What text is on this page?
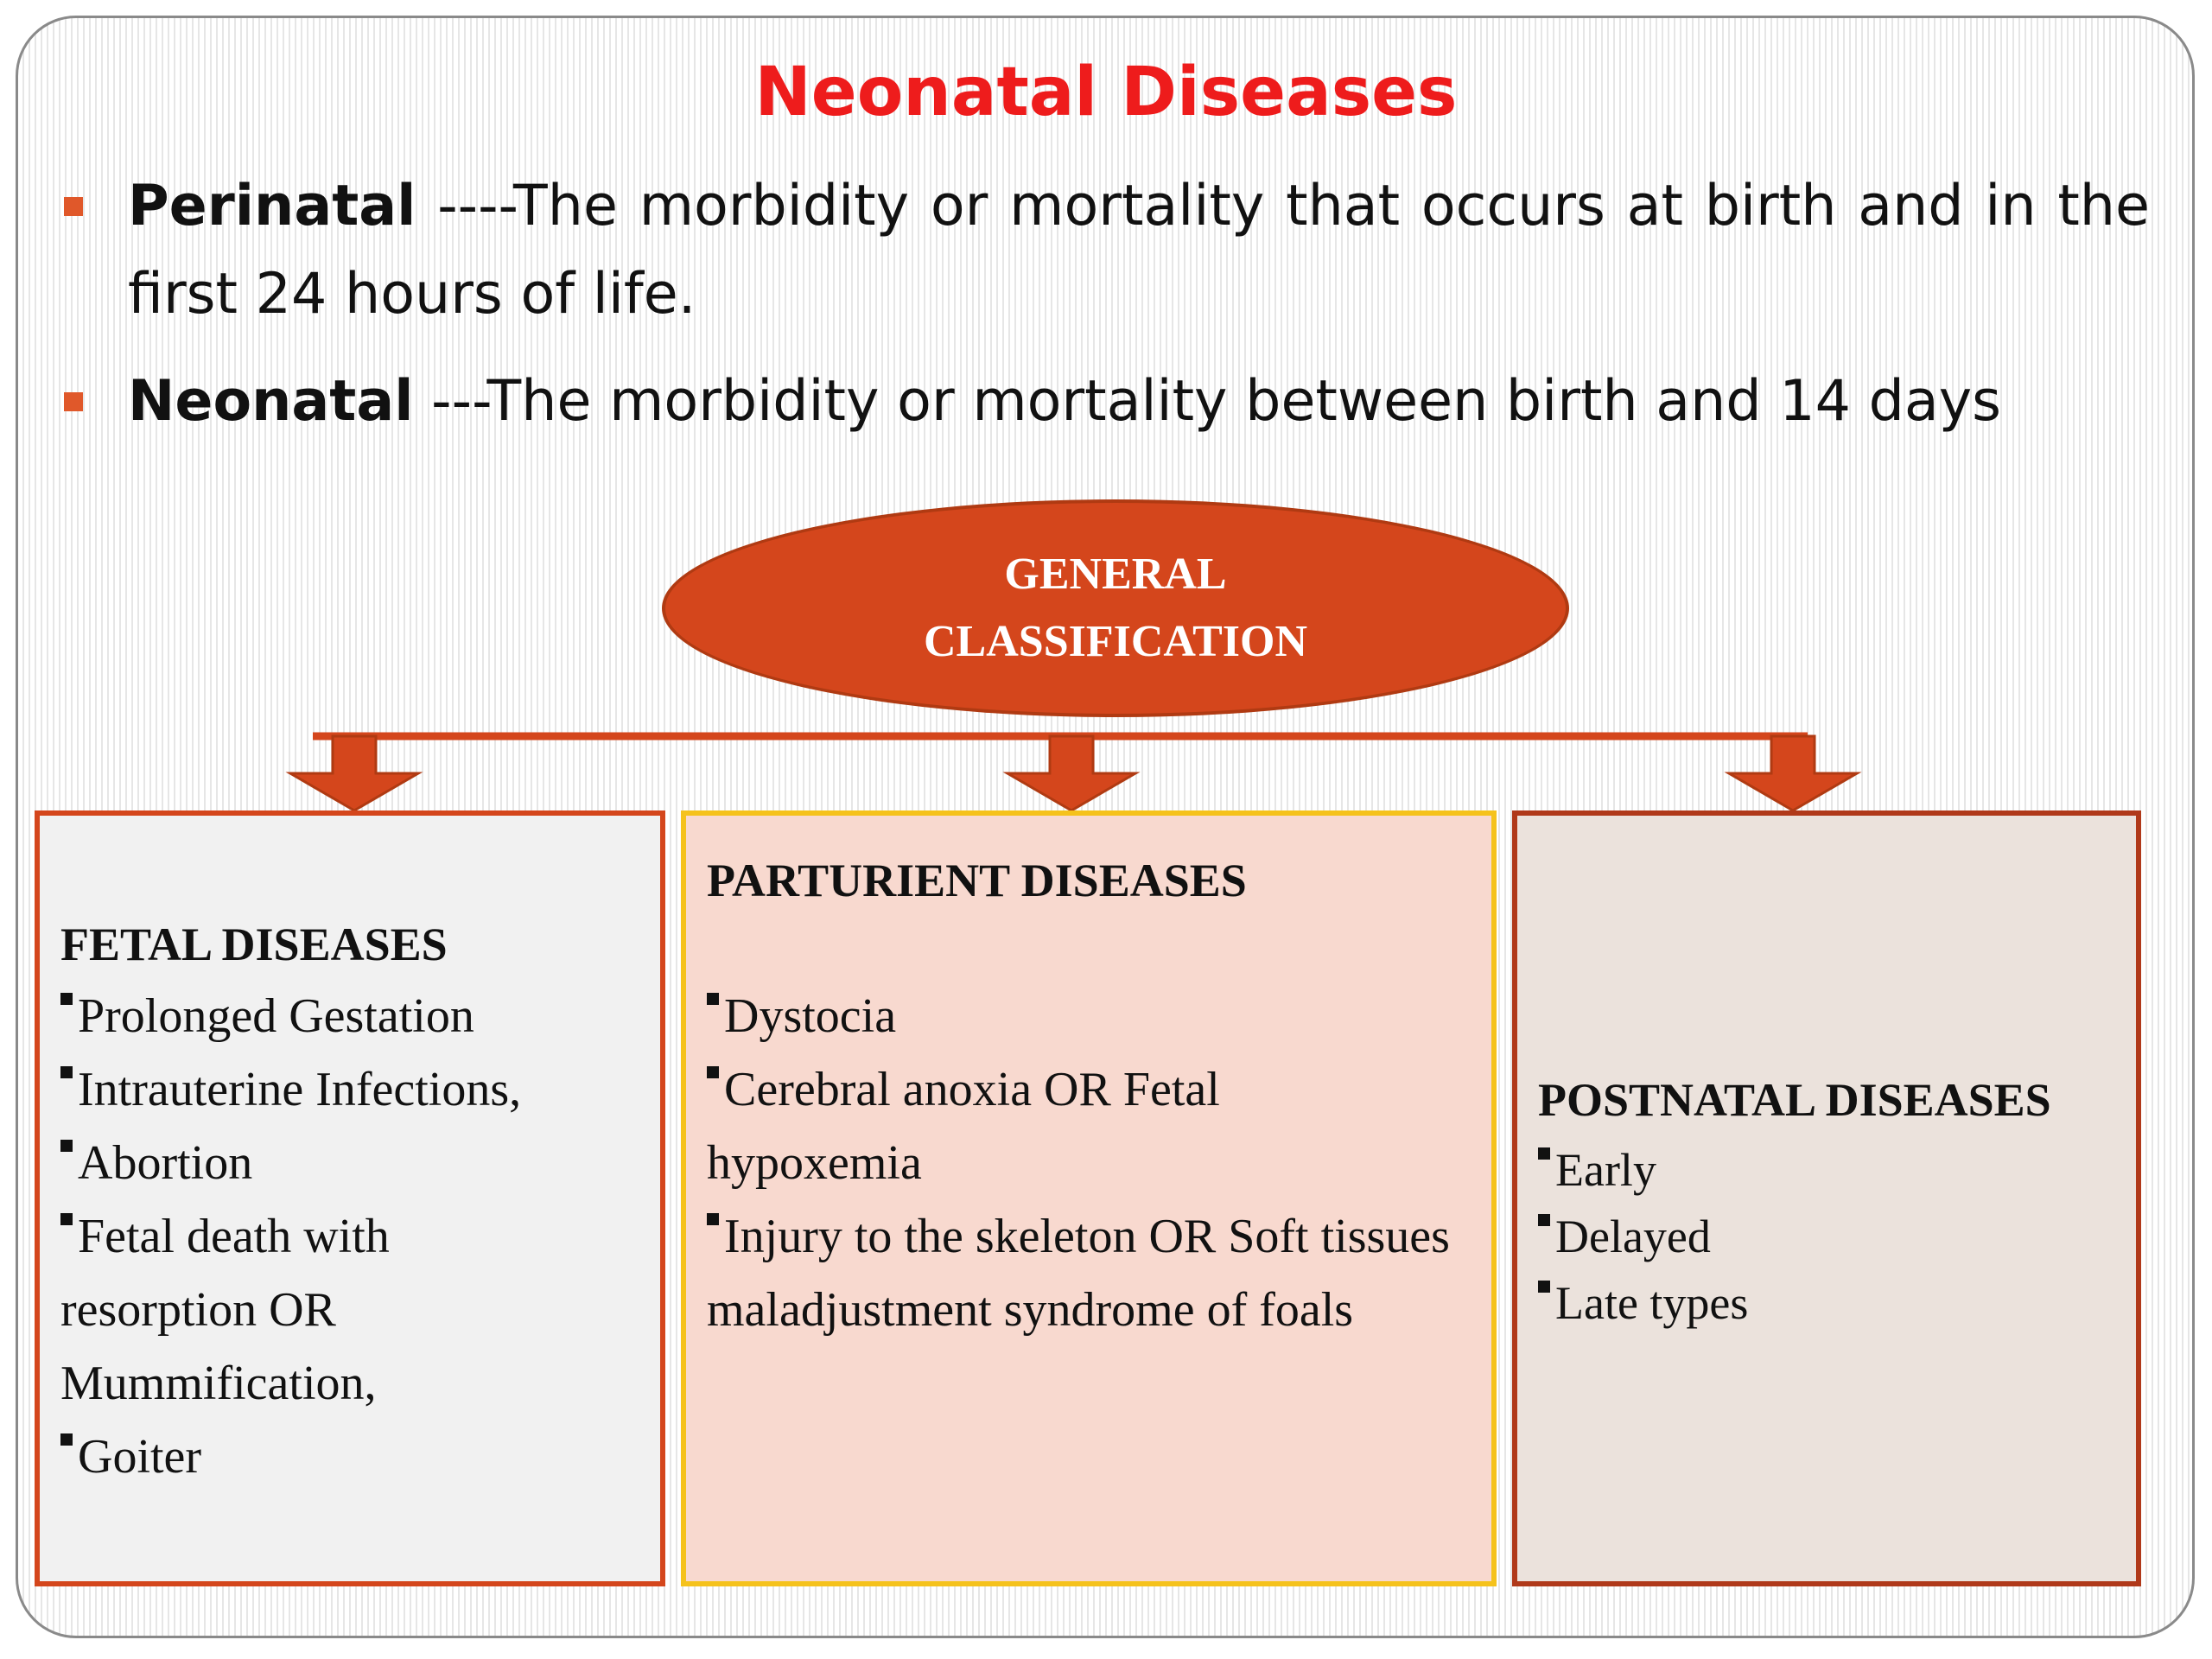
Neonatal Diseases
Perinatal ----The morbidity or mortality that occurs at birth and in the first 24 hours of life.
Neonatal ---The morbidity or mortality between birth and 14 days
GENERAL CLASSIFICATION
FETAL DISEASES
Prolonged Gestation
Intrauterine Infections,
Abortion
Fetal death with resorption OR Mummification,
Goiter
PARTURIENT DISEASES
Dystocia
Cerebral anoxia OR Fetal hypoxemia
Injury to the skeleton OR Soft tissues maladjustment syndrome of foals
POSTNATAL DISEASES
Early
Delayed
Late types
